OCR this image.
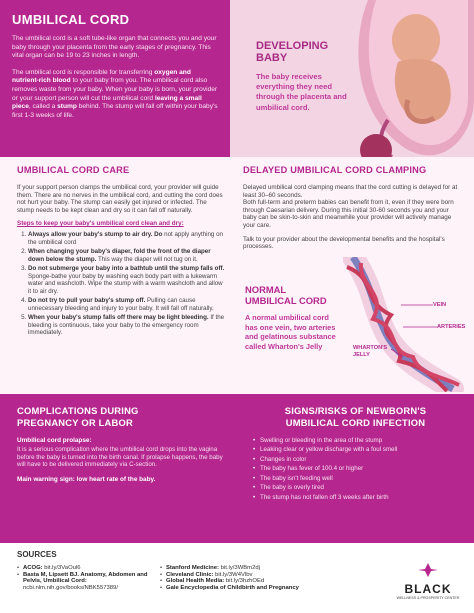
UMBILICAL CORD

The umbilical cord is a soft tube-like organ that connects you and your baby through your placenta from the early stages of pregnancy. This vital organ can be 19 to 23 inches in length.

The umbilical cord is responsible for transferring oxygen and nutrient-rich blood to your baby from you. The umbilical cord also removes waste from your baby. When your baby is born, your provider or your support person will cut the umbilical cord leaving a small piece, called a stump behind. The stump will fall off within your baby's first 1-3 weeks of life.

DEVELOPING
BABY

The baby receives everything they need through the placenta and umbilical cord.

UMBILICAL CORD CARE

If your support person clamps the umbilical cord, your provider will guide them. There are no nerves in the umbilical cord, and cutting the cord does not hurt your baby. The stump can easily get injured or infected. The stump needs to be kept clean and dry so it can fall off naturally.

Steps to keep your baby's umbilical cord clean and dry:

1. Always allow your baby's stump to air dry. Do not apply anything on the umbilical cord
2. When changing your baby's diaper, fold the front of the diaper down below the stump. This way the diaper will not tug on it.
3. Do not submerge your baby into a bathtub until the stump falls off. Sponge-bathe your baby by washing each body part with a lukewarm water and washcloth. Wipe the stump with a warm washcloth and allow it to air dry.
4. Do not try to pull your baby's stump off. Pulling can cause unnecessary bleeding and injury to your baby. It will fall off naturally.
5. When your baby's stump falls off there may be light bleeding. If the bleeding is continuous, take your baby to the emergency room immediately.
DELAYED UMBILICAL CORD CLAMPING

Delayed umbilical cord clamping means that the cord cutting is delayed for at least 30–60 seconds.

Both full-term and preterm babies can benefit from it, even if they were born through Caesarian delivery. During this initial 30-60 seconds you and your baby can be skin-to-skin and meanwhile your provider will actively manage your care.

Talk to your provider about the developmental benefits and the hospital's processes.

NORMAL
UMBILICAL CORD

A normal umbilical cord has one vein, two arteries and gelatinous substance called Wharton's Jelly

VEIN
ARTERIES
WHARTON'S
JELLY
COMPLICATIONS DURING
PREGNANCY OR LABOR

Umbilical cord prolapse:

It is a serious complication where the umbilical cord drops into the vagina before the baby is turned into the birth canal. If prolapse happens, the baby will have to be delivered immediately via C-section.

Main warning sign: low heart rate of the baby.

SIGNS/RISKS OF NEWBORN'S
UMBILICAL CORD INFECTION
• Swelling or bleeding in the area of the stump
• Leaking clear or yellow discharge with a foul smell
• Changes in color
• The baby has fever of 100.4 or higher
• The baby isn't feeding well
• The baby is overly tired
• The stump has not fallen off 3 weeks after birth
SOURCES
• ACOG: bit.ly/3VaOul6
• Basta M, Lipsett BJ. Anatomy, Abdomen and Pelvis, Umbilical Cord: ncbi.nlm.nih.gov/books/NBK557389/
• Stanford Medicine: bit.ly/3WBm2dj
• Cleveland Clinic: bit.ly/3W4Vlbv
• Global Health Media: bit.ly/3hzhOEd
• Gale Encyclopedia of Childbirth and Pregnancy	BLACK
WELLNESS & PROSPERITY CENTER
